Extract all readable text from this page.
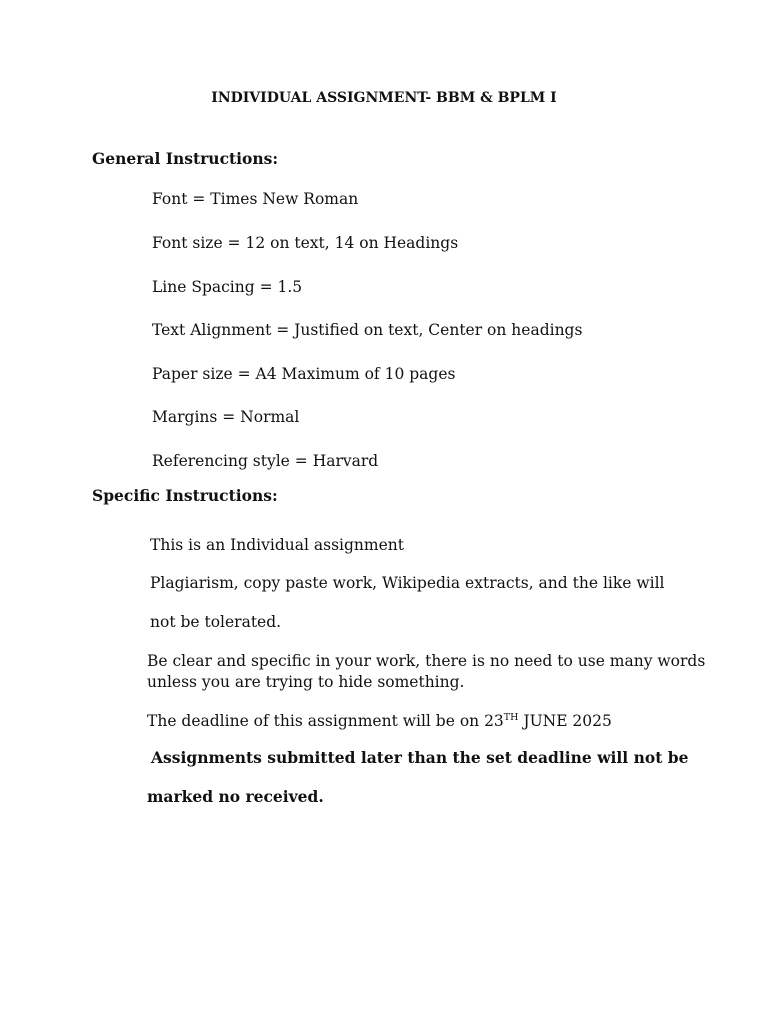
INDIVIDUAL ASSIGNMENT- BBM & BPLM I
General Instructions:
Font = Times New Roman
Font size = 12 on text, 14 on Headings
Line Spacing = 1.5
Text Alignment = Justified on text, Center on headings
Paper size = A4 Maximum of 10 pages
Margins = Normal
Referencing style = Harvard
Specific Instructions:
This is an Individual assignment
Plagiarism, copy paste work, Wikipedia extracts, and the like will
not be tolerated.
Be clear and specific in your work, there is no need to use many words
unless you are trying to hide something.
The deadline of this assignment will be on 23TH JUNE 2025
Assignments submitted later than the set deadline will not be
marked no received.
